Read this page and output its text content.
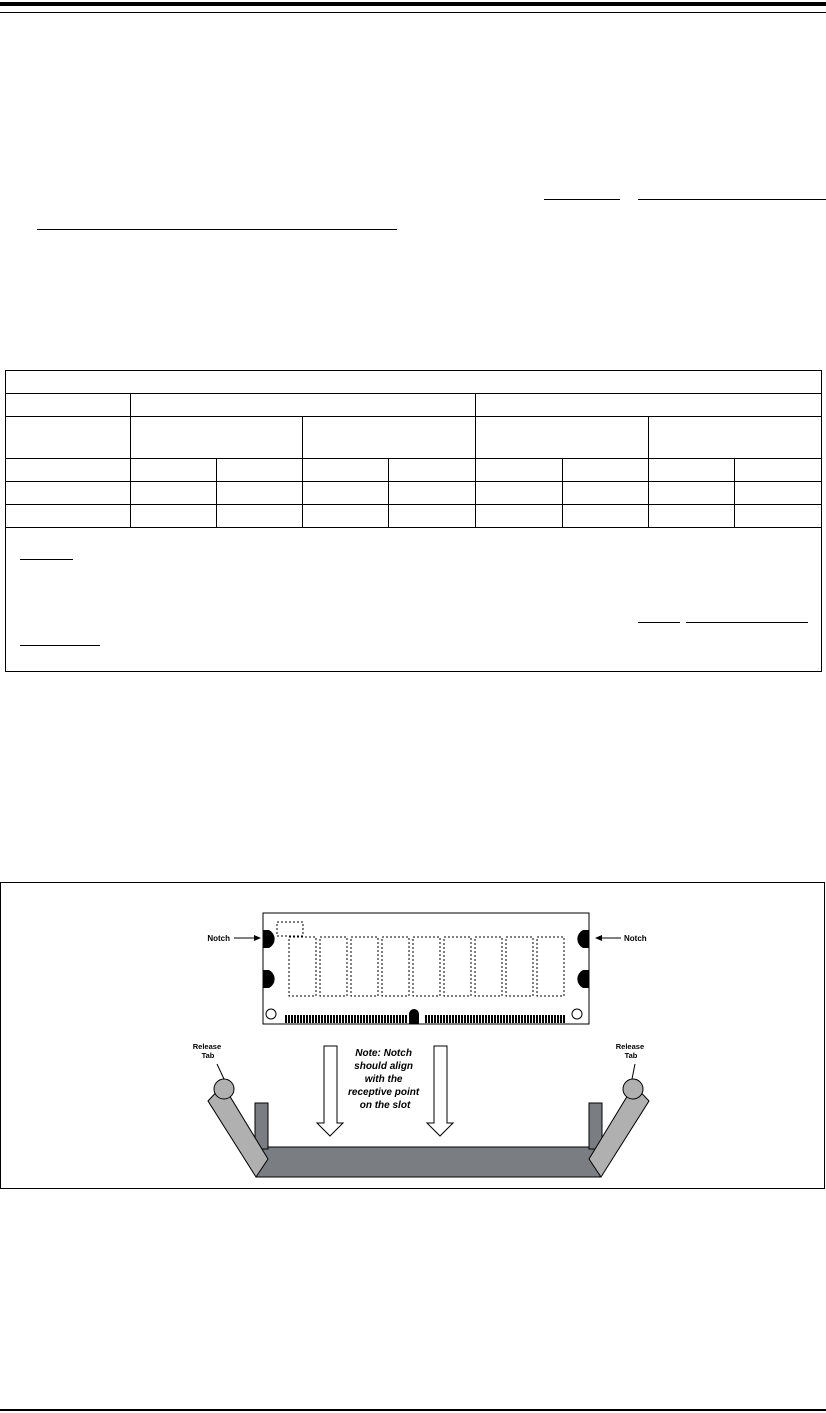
Notch	Notch
Release Tab
Release Tab
Note: Notch should align with the receptive point on the slot
